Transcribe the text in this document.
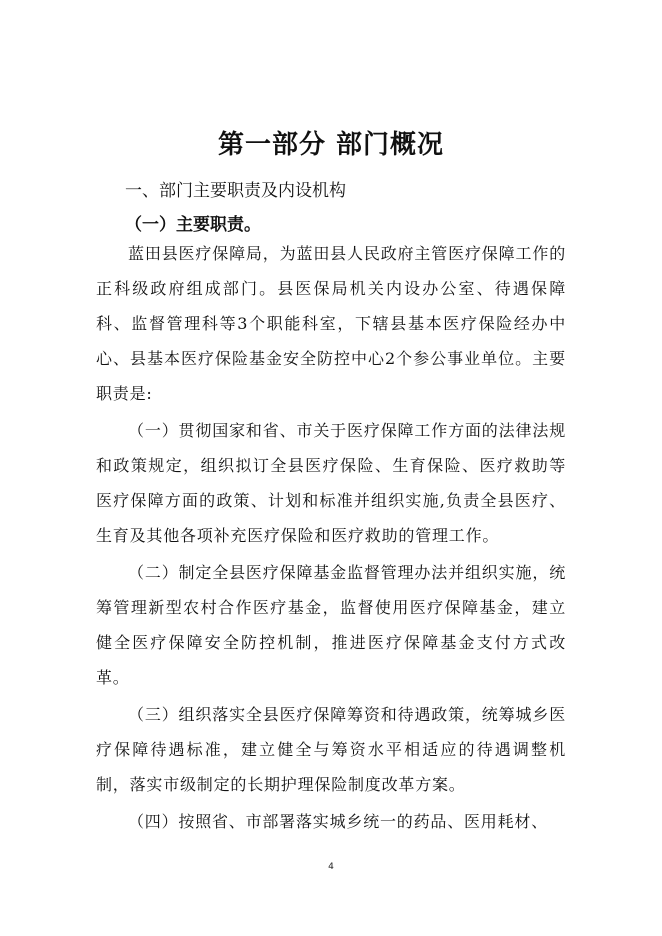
第一部分 部门概况
一、部门主要职责及内设机构
（一）主要职责。

蓝田县医疗保障局，为蓝田县人民政府主管医疗保障工作的正科级政府组成部门。县医保局机关内设办公室、待遇保障科、监督管理科等3个职能科室，下辖县基本医疗保险经办中心、县基本医疗保险基金安全防控中心2个参公事业单位。主要职责是:

（一）贯彻国家和省、市关于医疗保障工作方面的法律法规和政策规定，组织拟订全县医疗保险、生育保险、医疗救助等医疗保障方面的政策、计划和标准并组织实施,负责全县医疗、生育及其他各项补充医疗保险和医疗救助的管理工作。

（二）制定全县医疗保障基金监督管理办法并组织实施，统筹管理新型农村合作医疗基金，监督使用医疗保障基金，建立健全医疗保障安全防控机制，推进医疗保障基金支付方式改革。

（三）组织落实全县医疗保障筹资和待遇政策，统筹城乡医疗保障待遇标准，建立健全与筹资水平相适应的待遇调整机制，落实市级制定的长期护理保险制度改革方案。

（四）按照省、市部署落实城乡统一的药品、医用耗材、

4
